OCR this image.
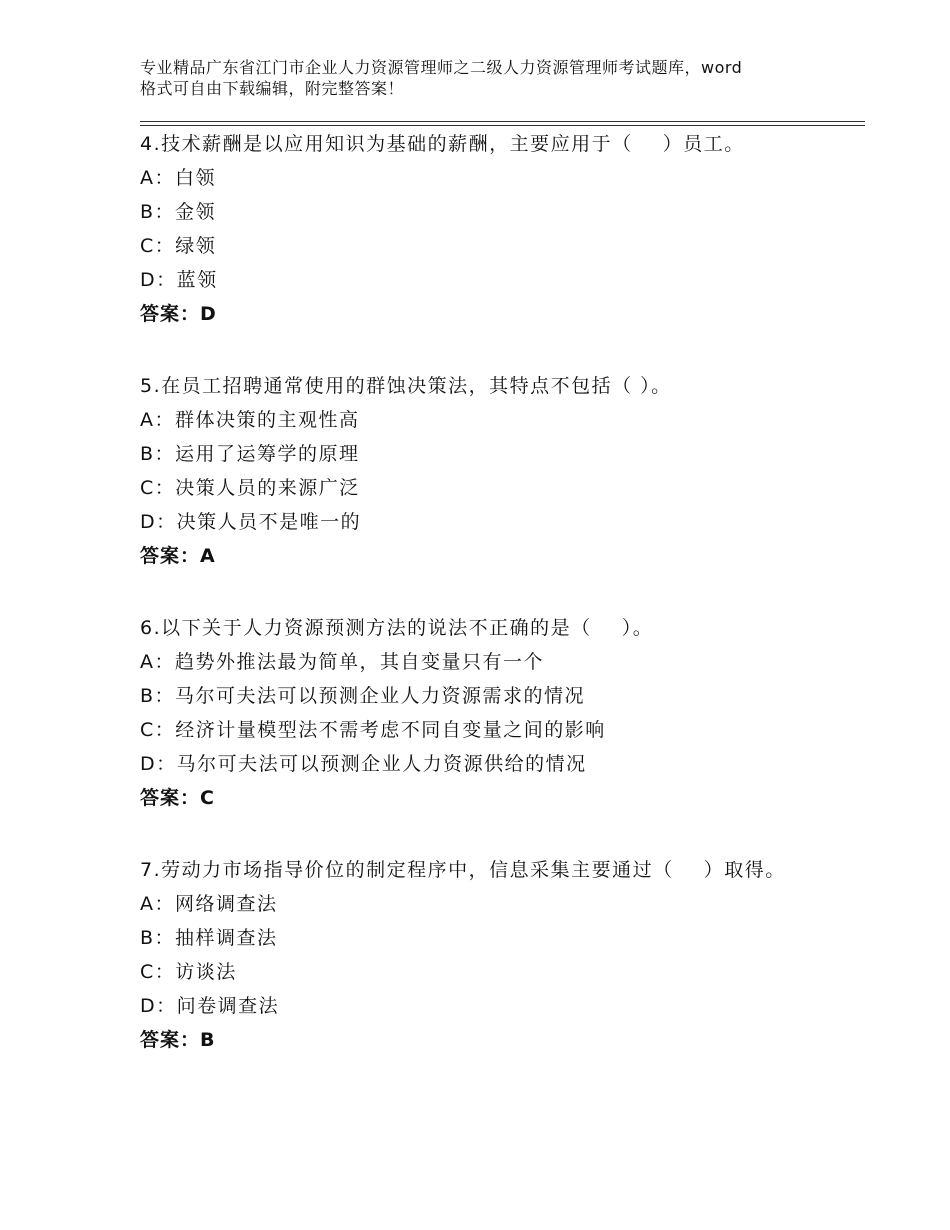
专业精品广东省江门市企业人力资源管理师之二级人力资源管理师考试题库，word
格式可自由下载编辑，附完整答案！
4.技术薪酬是以应用知识为基础的薪酬，主要应用于（    ）员工。
A：白领
B：金领
C：绿领
D：蓝领
答案：D
5.在员工招聘通常使用的群蚀决策法，其特点不包括（ ）。
A：群体决策的主观性高
B：运用了运筹学的原理
C：决策人员的来源广泛
D：决策人员不是唯一的
答案：A
6.以下关于人力资源预测方法的说法不正确的是（    ）。
A：趋势外推法最为简单，其自变量只有一个
B：马尔可夫法可以预测企业人力资源需求的情况
C：经济计量模型法不需考虑不同自变量之间的影响
D：马尔可夫法可以预测企业人力资源供给的情况
答案：C
7.劳动力市场指导价位的制定程序中，信息采集主要通过（    ）取得。
A：网络调查法
B：抽样调查法
C：访谈法
D：问卷调查法
答案：B
